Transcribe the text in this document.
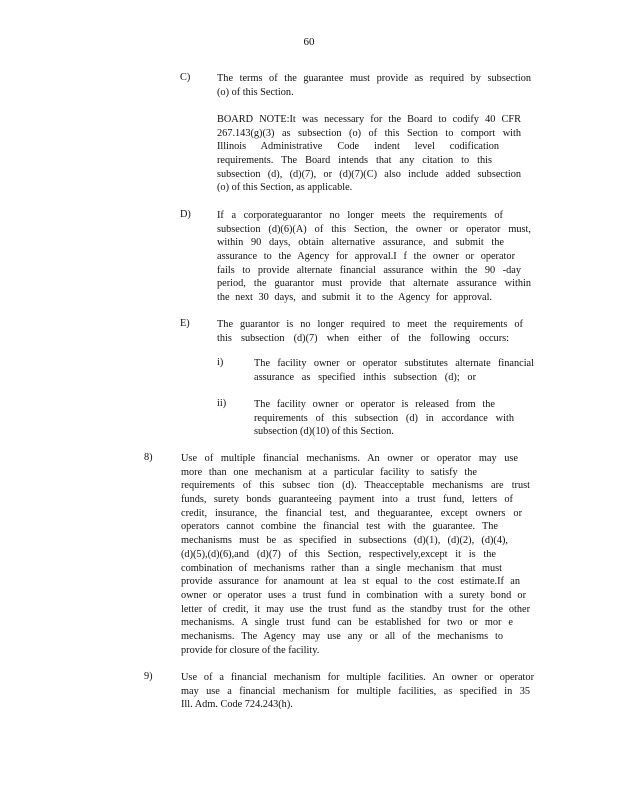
60
C)	The terms of the guarantee must provide as required by subsection
(o) of this Section.
BOARD NOTE:It was necessary for the Board to codify 40 CFR
267.143(g)(3) as subsection (o) of this Section to comport with
Illinois Administrative Code indent level codification
requirements. The Board intends that any citation to this
subsection (d), (d)(7), or (d)(7)(C) also include added subsection
(o) of this Section, as applicable.
D)	If a corporateguarantor no longer meets the requirements of
subsection (d)(6)(A) of this Section, the owner or operator must,
within 90 days, obtain alternative assurance, and submit the
assurance to the Agency for approval.I f the owner or operator
fails to provide alternate financial assurance within the 90 -day
period, the guarantor must provide that alternate assurance within
the next 30 days, and submit it to the Agency for approval.
E)	The guarantor is no longer required to meet the requirements of
this subsection (d)(7) when either of the following occurs:
i)	The facility owner or operator substitutes alternate financial
assurance as specified inthis subsection (d); or
ii)	The facility owner or operator is released from the
requirements of this subsection (d) in accordance with
subsection (d)(10) of this Section.
8)	Use of multiple financial mechanisms. An owner or operator may use
more than one mechanism at a particular facility to satisfy the
requirements of this subsec tion (d). Theacceptable mechanisms are trust
funds, surety bonds guaranteeing payment into a trust fund, letters of
credit, insurance, the financial test, and theguarantee, except owners or
operators cannot combine the financial test with the guarantee. The
mechanisms must be as specified in subsections (d)(1), (d)(2), (d)(4),
(d)(5),(d)(6),and (d)(7) of this Section, respectively,except it is the
combination of mechanisms rather than a single mechanism that must
provide assurance for anamount at lea st equal to the cost estimate.If an
owner or operator uses a trust fund in combination with a surety bond or
letter of credit, it may use the trust fund as the standby trust for the other
mechanisms. A single trust fund can be established for two or mor e
mechanisms. The Agency may use any or all of the mechanisms to
provide for closure of the facility.
9)	Use of a financial mechanism for multiple facilities. An owner or operator
may use a financial mechanism for multiple facilities, as specified in 35
Ill. Adm. Code 724.243(h).
